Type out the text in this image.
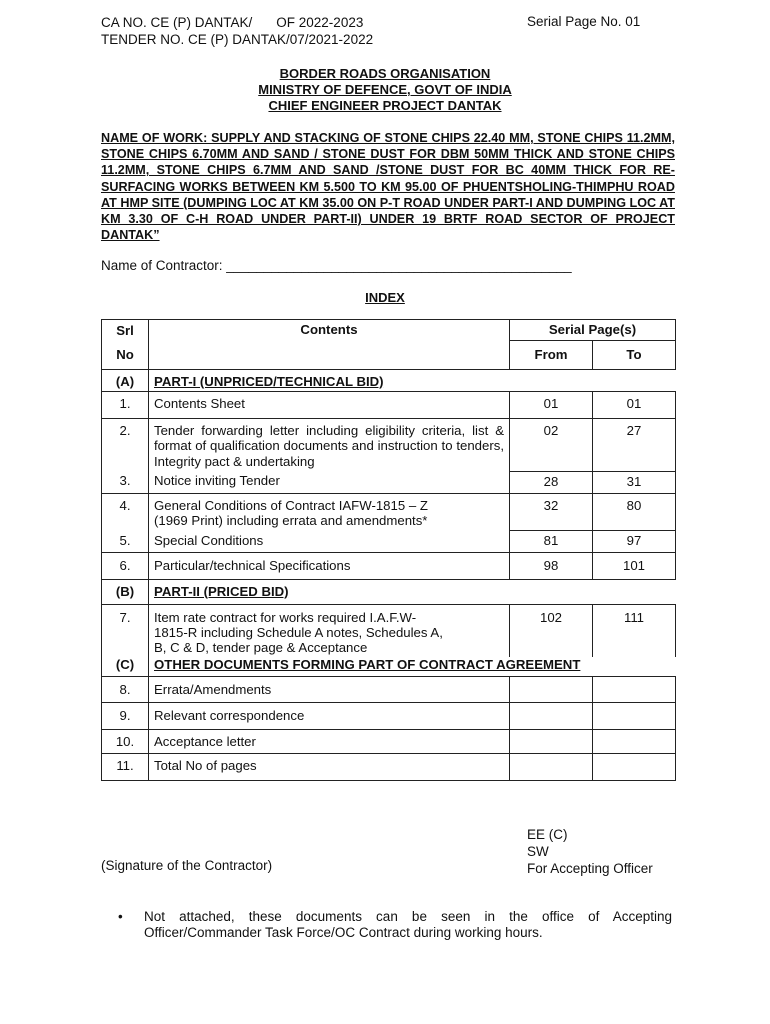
CA NO. CE (P) DANTAK/ OF 2022-2023
TENDER NO. CE (P) DANTAK/07/2021-2022
Serial Page No. 01
BORDER ROADS ORGANISATION
MINISTRY OF DEFENCE, GOVT OF INDIA
CHIEF ENGINEER PROJECT DANTAK
NAME OF WORK: SUPPLY AND STACKING OF STONE CHIPS 22.40 MM, STONE CHIPS 11.2MM, STONE CHIPS 6.70MM AND SAND / STONE DUST FOR DBM 50MM THICK AND STONE CHIPS 11.2MM, STONE CHIPS 6.7MM AND SAND /STONE DUST FOR BC 40MM THICK FOR RE-SURFACING WORKS BETWEEN KM 5.500 TO KM 95.00 OF PHUENTSHOLING-THIMPHU ROAD AT HMP SITE (DUMPING LOC AT KM 35.00 ON P-T ROAD UNDER PART-I AND DUMPING LOC AT KM 3.30 OF C-H ROAD UNDER PART-II) UNDER 19 BRTF ROAD SECTOR OF PROJECT DANTAK”
Name of Contractor: ______________________________________________
INDEX
Srl	Contents	Serial Page(s)	
No		From	To
(A)	PART-I (UNPRICED/TECHNICAL BID)		
1.	Contents Sheet	01	01
2.	Tender forwarding letter including eligibility criteria, list & format of qualification documents and instruction to tenders, Integrity pact & undertaking	02	27
3.	Notice inviting Tender	28	31
4.	General Conditions of Contract IAFW-1815 – Z (1969 Print) including errata and amendments*	32	80
5.	Special Conditions	81	97
6.	Particular/technical Specifications	98	101
(B)	PART-II (PRICED BID)		
7.	Item rate contract for works required I.A.F.W-1815-R including Schedule A notes, Schedules A, B, C & D, tender page & Acceptance	102	111
(C)	OTHER DOCUMENTS FORMING PART OF CONTRACT AGREEMENT		
8.	Errata/Amendments		
9.	Relevant correspondence		
10.	Acceptance letter		
11.	Total No of pages		
(Signature of the Contractor)
EE (C)
SW
For Accepting Officer
• Not attached, these documents can be seen in the office of Accepting Officer/Commander Task Force/OC Contract during working hours.
